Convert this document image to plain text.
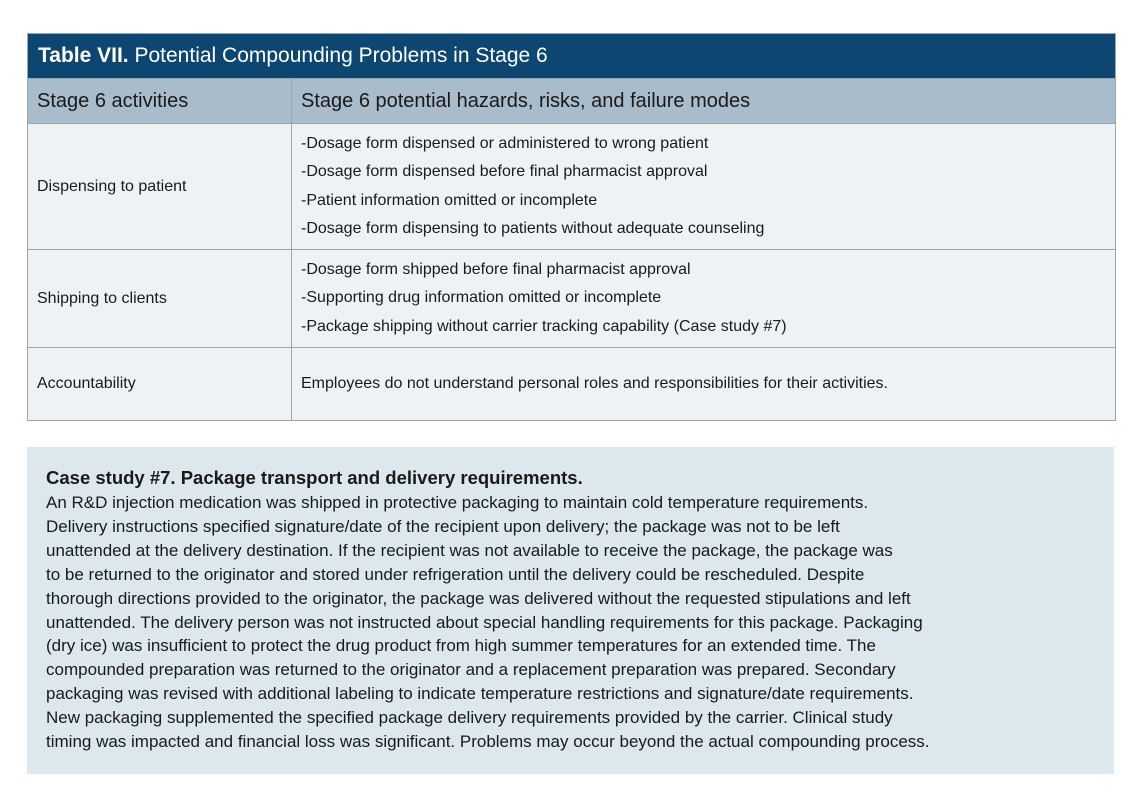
Table VII. Potential Compounding Problems in Stage 6
Stage 6 activities	Stage 6 potential hazards, risks, and failure modes
Dispensing to patient
-Dosage form dispensed or administered to wrong patient
-Dosage form dispensed before final pharmacist approval
-Patient information omitted or incomplete
-Dosage form dispensing to patients without adequate counseling
Shipping to clients
-Dosage form shipped before final pharmacist approval
-Supporting drug information omitted or incomplete
-Package shipping without carrier tracking capability (Case study #7)
Accountability	Employees do not understand personal roles and responsibilities for their activities.
Case study #7. Package transport and delivery requirements.
An R&D injection medication was shipped in protective packaging to maintain cold temperature requirements.
Delivery instructions specified signature/date of the recipient upon delivery; the package was not to be left
unattended at the delivery destination. If the recipient was not available to receive the package, the package was
to be returned to the originator and stored under refrigeration until the delivery could be rescheduled. Despite
thorough directions provided to the originator, the package was delivered without the requested stipulations and left
unattended. The delivery person was not instructed about special handling requirements for this package. Packaging
(dry ice) was insufficient to protect the drug product from high summer temperatures for an extended time. The
compounded preparation was returned to the originator and a replacement preparation was prepared. Secondary
packaging was revised with additional labeling to indicate temperature restrictions and signature/date requirements.
New packaging supplemented the specified package delivery requirements provided by the carrier. Clinical study
timing was impacted and financial loss was significant. Problems may occur beyond the actual compounding process.
